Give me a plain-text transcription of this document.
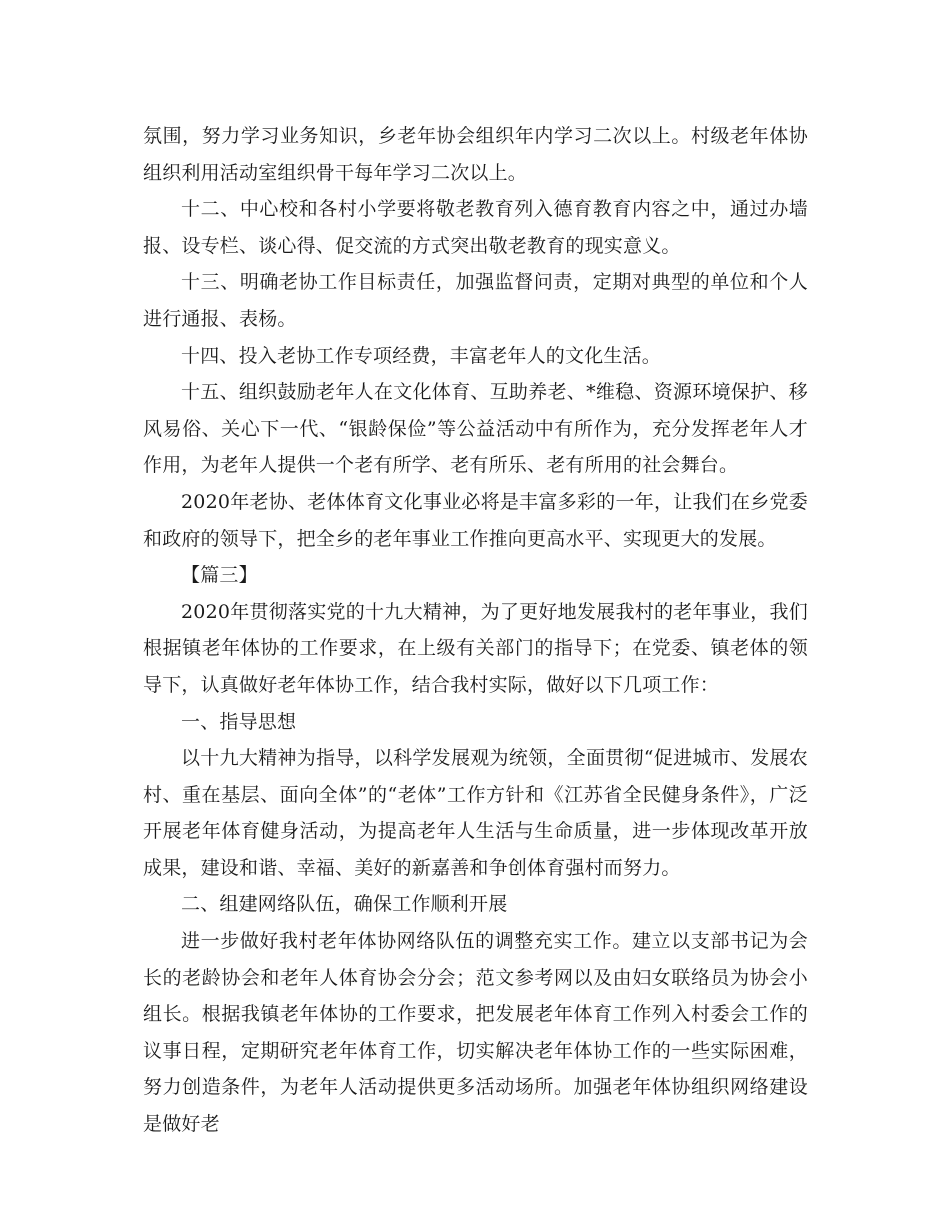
氛围，努力学习业务知识，乡老年协会组织年内学习二次以上。村级老年体协组织利用活动室组织骨干每年学习二次以上。

十二、中心校和各村小学要将敬老教育列入德育教育内容之中，通过办墙报、设专栏、谈心得、促交流的方式突出敬老教育的现实意义。

十三、明确老协工作目标责任，加强监督问责，定期对典型的单位和个人进行通报、表杨。

十四、投入老协工作专项经费，丰富老年人的文化生活。

十五、组织鼓励老年人在文化体育、互助养老、*维稳、资源环境保护、移风易俗、关心下一代、“银龄保俭”等公益活动中有所作为，充分发挥老年人才作用，为老年人提供一个老有所学、老有所乐、老有所用的社会舞台。

2020年老协、老体体育文化事业必将是丰富多彩的一年，让我们在乡党委和政府的领导下，把全乡的老年事业工作推向更高水平、实现更大的发展。

【篇三】

2020年贯彻落实党的十九大精神，为了更好地发展我村的老年事业，我们根据镇老年体协的工作要求，在上级有关部门的指导下；在党委、镇老体的领导下，认真做好老年体协工作，结合我村实际，做好以下几项工作：

一、指导思想

以十九大精神为指导，以科学发展观为统领，全面贯彻“促进城市、发展农村、重在基层、面向全体”的“老体”工作方针和《江苏省全民健身条件》，广泛开展老年体育健身活动，为提高老年人生活与生命质量，进一步体现改革开放成果，建设和谐、幸福、美好的新嘉善和争创体育强村而努力。

二、组建网络队伍，确保工作顺利开展

进一步做好我村老年体协网络队伍的调整充实工作。建立以支部书记为会长的老龄协会和老年人体育协会分会；范文参考网以及由妇女联络员为协会小组长。根据我镇老年体协的工作要求，把发展老年体育工作列入村委会工作的议事日程，定期研究老年体育工作，切实解决老年体协工作的一些实际困难，努力创造条件，为老年人活动提供更多活动场所。加强老年体协组织网络建设是做好老
